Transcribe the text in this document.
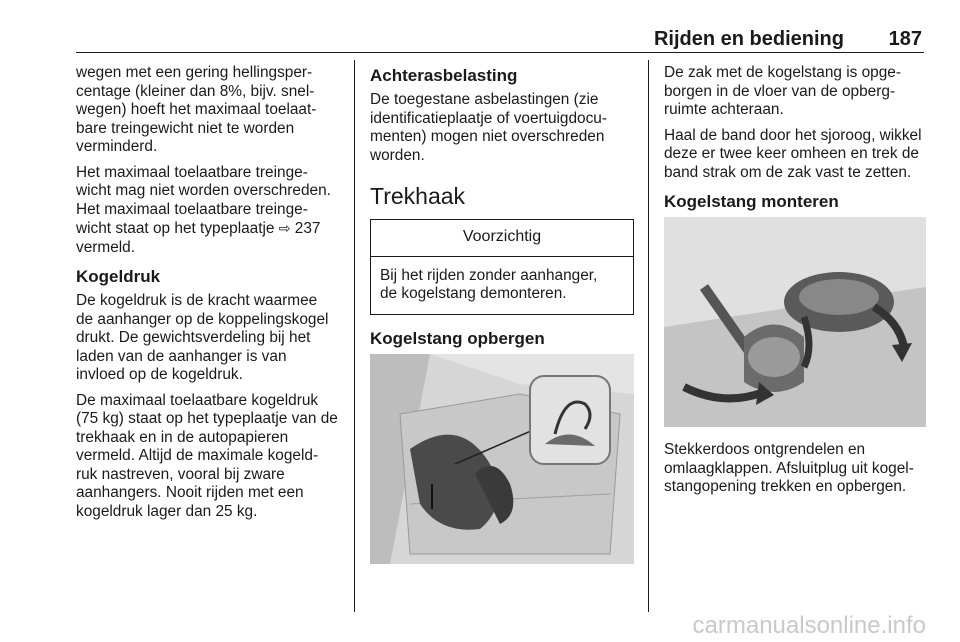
Rijden en bediening 187

wegen met een gering hellingsper-
centage (kleiner dan 8%, bijv. snel-
wegen) hoeft het maximaal toelaat-
bare treingewicht niet te worden
verminderd.

Het maximaal toelaatbare treinge-
wicht mag niet worden overschreden.
Het maximaal toelaatbare treinge-
wicht staat op het typeplaatje ⇨ 237
vermeld.

Kogeldruk

De kogeldruk is de kracht waarmee
de aanhanger op de koppelingskogel
drukt. De gewichtsverdeling bij het
laden van de aanhanger is van
invloed op de kogeldruk.

De maximaal toelaatbare kogeldruk
(75 kg) staat op het typeplaatje van de
trekhaak en in de autopapieren
vermeld. Altijd de maximale kogeld-
ruk nastreven, vooral bij zware
aanhangers. Nooit rijden met een
kogeldruk lager dan 25 kg.

Achterasbelasting

De toegestane asbelastingen (zie
identificatieplaatje of voertuigdocu-
menten) mogen niet overschreden
worden.

Trekhaak
Voorzichtig
Bij het rijden zonder aanhanger,
de kogelstang demonteren.
Kogelstang opbergen

De zak met de kogelstang is opge-
borgen in de vloer van de opberg-
ruimte achteraan.

Haal de band door het sjoroog, wikkel
deze er twee keer omheen en trek de
band strak om de zak vast te zetten.

Kogelstang monteren

Stekkerdoos ontgrendelen en
omlaagklappen. Afsluitplug uit kogel-
stangopening trekken en opbergen.

carmanualsonline.info
